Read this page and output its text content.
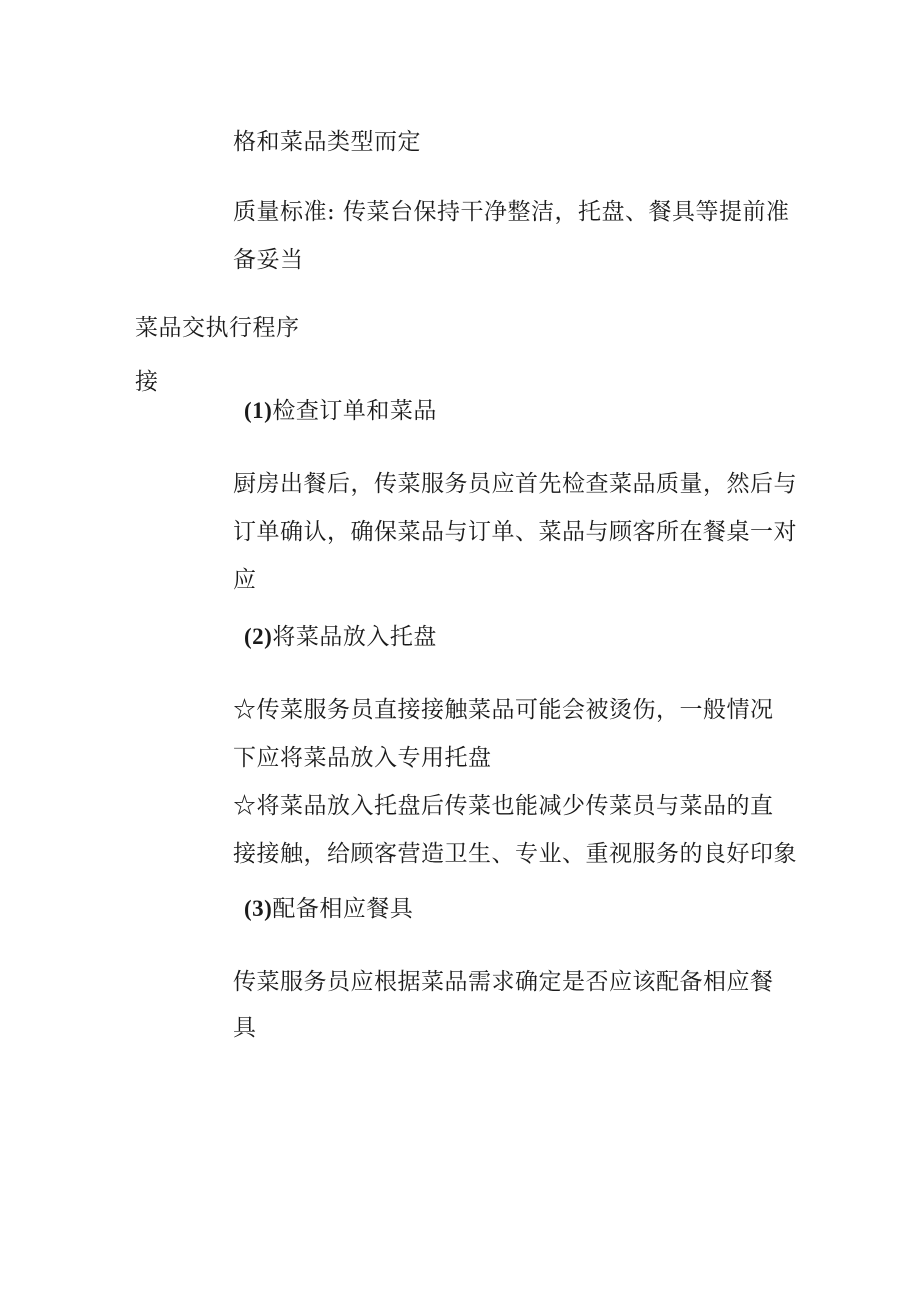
格和菜品类型而定
质量标准: 传菜台保持干净整洁，托盘、餐具等提前准
备妥当
菜品交执行程序
接
(1)检查订单和菜品
厨房出餐后，传菜服务员应首先检查菜品质量，然后与
订单确认，确保菜品与订单、菜品与顾客所在餐桌一对
应
(2)将菜品放入托盘
☆传菜服务员直接接触菜品可能会被烫伤，一般情况
下应将菜品放入专用托盘
☆将菜品放入托盘后传菜也能减少传菜员与菜品的直
接接触，给顾客营造卫生、专业、重视服务的良好印象
(3)配备相应餐具
传菜服务员应根据菜品需求确定是否应该配备相应餐
具
